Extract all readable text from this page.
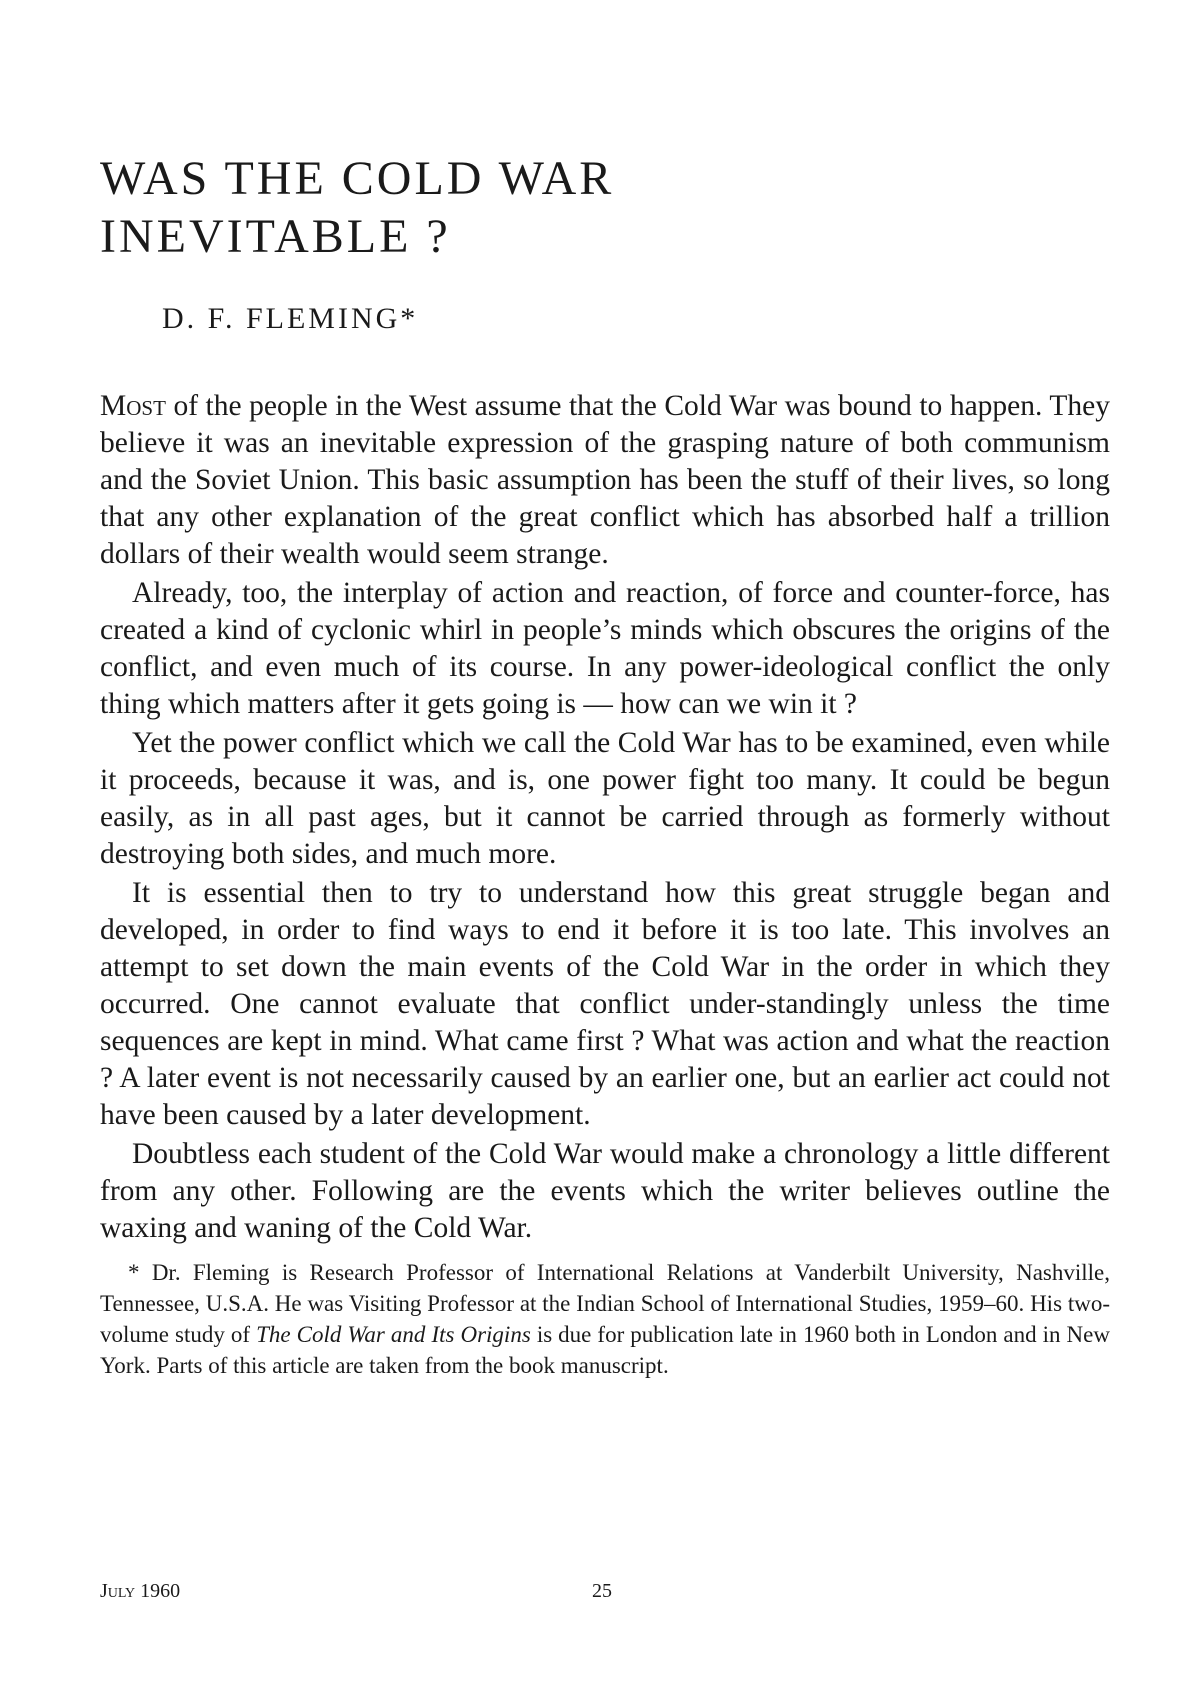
WAS THE COLD WAR
INEVITABLE ?
D. F. FLEMING*

Most of the people in the West assume that the Cold War was bound to happen. They believe it was an inevitable expression of the grasping nature of both communism and the Soviet Union. This basic assumption has been the stuff of their lives, so long that any other explanation of the great conflict which has absorbed half a trillion dollars of their wealth would seem strange.

Already, too, the interplay of action and reaction, of force and counter-force, has created a kind of cyclonic whirl in people’s minds which obscures the origins of the conflict, and even much of its course. In any power-ideological conflict the only thing which matters after it gets going is — how can we win it ?

Yet the power conflict which we call the Cold War has to be examined, even while it proceeds, because it was, and is, one power fight too many. It could be begun easily, as in all past ages, but it cannot be carried through as formerly without destroying both sides, and much more.

It is essential then to try to understand how this great struggle began and developed, in order to find ways to end it before it is too late. This involves an attempt to set down the main events of the Cold War in the order in which they occurred. One cannot evaluate that conflict under-standingly unless the time sequences are kept in mind. What came first ? What was action and what the reaction ? A later event is not necessarily caused by an earlier one, but an earlier act could not have been caused by a later development.

Doubtless each student of the Cold War would make a chronology a little different from any other. Following are the events which the writer believes outline the waxing and waning of the Cold War.

* Dr. Fleming is Research Professor of International Relations at Vanderbilt University, Nashville, Tennessee, U.S.A. He was Visiting Professor at the Indian School of International Studies, 1959–60. His two-volume study of The Cold War and Its Origins is due for publication late in 1960 both in London and in New York. Parts of this article are taken from the book manuscript.

July 1960	25
